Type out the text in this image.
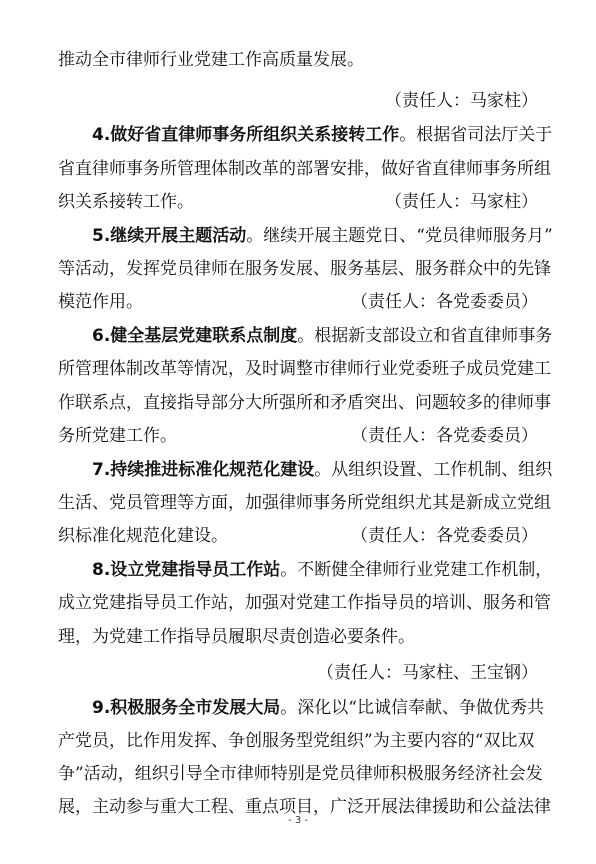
推动全市律师行业党建工作高质量发展。
（责任人：马家柱）
4.做好省直律师事务所组织关系接转工作。根据省司法厅关于
省直律师事务所管理体制改革的部署安排，做好省直律师事务所组
织关系接转工作。	（责任人：马家柱）
5.继续开展主题活动。继续开展主题党日、“党员律师服务月”
等活动，发挥党员律师在服务发展、服务基层、服务群众中的先锋
模范作用。	（责任人：各党委委员）
6.健全基层党建联系点制度。根据新支部设立和省直律师事务
所管理体制改革等情况，及时调整市律师行业党委班子成员党建工
作联系点，直接指导部分大所强所和矛盾突出、问题较多的律师事
务所党建工作。	（责任人：各党委委员）
7.持续推进标准化规范化建设。从组织设置、工作机制、组织
生活、党员管理等方面，加强律师事务所党组织尤其是新成立党组
织标准化规范化建设。	（责任人：各党委委员）
8.设立党建指导员工作站。不断健全律师行业党建工作机制，
成立党建指导员工作站，加强对党建工作指导员的培训、服务和管
理，为党建工作指导员履职尽责创造必要条件。
（责任人：马家柱、王宝钢）
9.积极服务全市发展大局。深化以“比诚信奉献、争做优秀共
产党员，比作用发挥、争创服务型党组织”为主要内容的“双比双
争”活动，组织引导全市律师特别是党员律师积极服务经济社会发
展，主动参与重大工程、重点项目，广泛开展法律援助和公益法律
- 3 -
